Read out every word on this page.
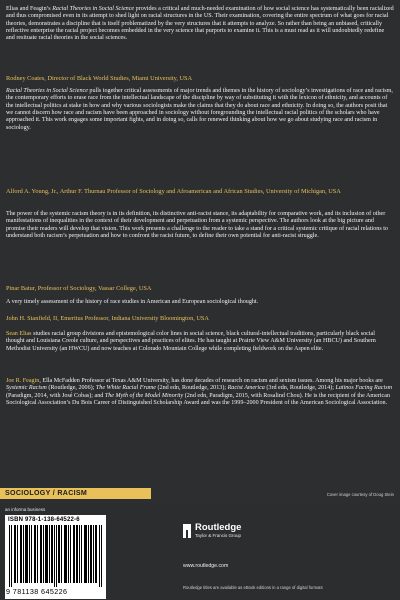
Elias and Feagin’s Racial Theories in Social Science provides a critical and much-needed examination of how social science has systematically been racialized and thus compromised even in its attempt to shed light on racial structures in the US. Their examination, covering the entire spectrum of what goes for racial theories, demonstrates a discipline that is itself problematized by the very structures that it attempts to analyze. So rather than being an unbiased, critically reflective enterprise the racial project becomes embedded in the very science that purports to examine it. This is a must read as it will undoubtedly redefine and resituate racial theories in the social sciences.

Rodney Coates, Director of Black World Studies, Miami University, USA

Racial Theories in Social Science pulls together critical assessments of major trends and themes in the history of sociology’s investigations of race and racism, the contemporary efforts to erase race from the intellectual landscape of the discipline by way of substituting it with the lexicon of ethnicity, and accounts of the intellectual politics at stake in how and why various sociologists make the claims that they do about race and ethnicity. In doing so, the authors posit that we cannot discern how race and racism have been approached in sociology without foregrounding the intellectual racial politics of the scholars who have approached it. This work engages some important fights, and in doing so, calls for renewed thinking about how we go about studying race and racism in sociology.

Alford A. Young, Jr., Arthur F. Thurnau Professor of Sociology and Afroamerican and African Studies, University of Michigan, USA

The power of the systemic racism theory is in its definition, its distinctive anti-racist stance, its adaptability for comparative work, and its inclusion of other manifestations of inequalities in the context of their development and perpetuation from a systemic perspective. The authors look at the big picture and promise their readers will develop that vision. This work presents a challenge to the reader to take a stand for a critical systemic critique of racial relations to understand both racism’s perpetuation and how to confront the racist future, to define their own potential for anti-racist struggle.

Pinar Batur, Professor of Sociology, Vassar College, USA

A very timely assessment of the history of race studies in American and European sociological thought.

John H. Stanfield, II, Emeritus Professor, Indiana University Bloomington, USA

Sean Elias studies racial group divisions and epistemological color lines in social science, black cultural-intellectual traditions, particularly black social thought and Louisiana Creole culture, and perspectives and practices of elites. He has taught at Prairie View A&M University (an HBCU) and Southern Methodist University (an HWCU) and now teaches at Colorado Mountain College while completing fieldwork on the Aspen elite.

Joe R. Feagin, Ella McFadden Professor at Texas A&M University, has done decades of research on racism and sexism issues. Among his major books are Systemic Racism (Routledge, 2006); The White Racial Frame (2nd edn, Routledge, 2013); Racist America (3rd edn, Routledge, 2014); Latinos Facing Racism (Paradigm, 2014, with José Cobas); and The Myth of the Model Minority (2nd edn, Paradigm, 2015, with Rosalind Chou). He is the recipient of the American Sociological Association’s Du Bois Career of Distinguished Scholarship Award and was the 1999–2000 President of the American Sociological Association.

SOCIOLOGY / RACISM	Cover image courtesy of Doug Stein
an informa business
ISBN 978-1-138-64522-6
9 781138 645226
Routledge
Taylor & Francis Group
www.routledge.com
Routledge titles are available as eBook editions in a range of digital formats
